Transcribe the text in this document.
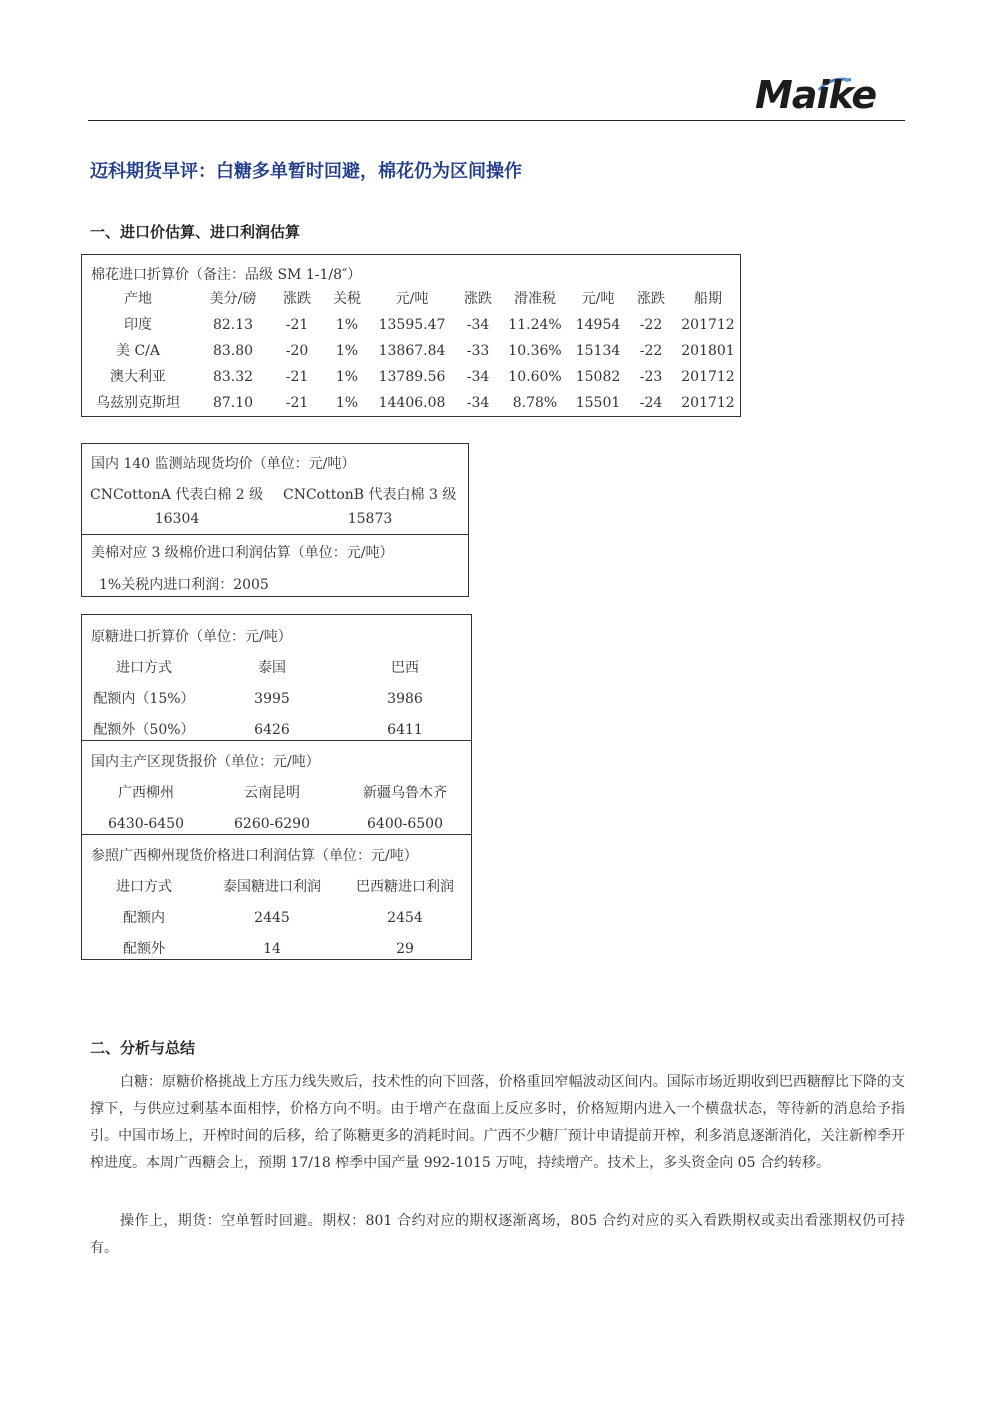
Maike
迈科期货早评：白糖多单暂时回避，棉花仍为区间操作
一、进口价估算、进口利润估算
棉花进口折算价（备注：品级 SM 1-1/8″）
产地	美分/磅 涨跌 关税 元/吨	涨跌 滑准税 元/吨 涨跌 船期
印度	82.13 -21 1% 13595.47 -34 11.24% 14954 -22 201712
美 C/A	83.80 -20 1% 13867.84 -33 10.36% 15134 -22 201801
澳大利亚	83.32 -21 1% 13789.56 -34 10.60% 15082 -23 201712
乌兹别克斯坦 87.10 -21 1% 14406.08 -34 8.78% 15501 -24 201712
国内 140 监测站现货均价（单位：元/吨）
CNCottonA 代表白棉 2 级 CNCottonB 代表白棉 3 级
16304	15873
美棉对应 3 级棉价进口利润估算（单位：元/吨）
1%关税内进口利润：2005
原糖进口折算价（单位：元/吨）
进口方式	泰国	巴西
配额内（15%）	3995	3986
配额外（50%）	6426	6411
国内主产区现货报价（单位：元/吨）
广西柳州	云南昆明	新疆乌鲁木齐
6430-6450	6260-6290	6400-6500
参照广西柳州现货价格进口利润估算（单位：元/吨）
进口方式	泰国糖进口利润	巴西糖进口利润
配额内	2445	2454
配额外	14	29
二、分析与总结
白糖：原糖价格挑战上方压力线失败后，技术性的向下回落，价格重回窄幅波动区间内。国际市场近期收到巴西糖醇比下降的支撑下，与供应过剩基本面相悖，价格方向不明。由于增产在盘面上反应多时，价格短期内进入一个横盘状态，等待新的消息给予指引。中国市场上，开榨时间的后移，给了陈糖更多的消耗时间。广西不少糖厂预计申请提前开榨，利多消息逐渐消化，关注新榨季开榨进度。本周广西糖会上，预期 17/18 榨季中国产量 992-1015 万吨，持续增产。技术上，多头资金向 05 合约转移。
操作上，期货：空单暂时回避。期权：801 合约对应的期权逐渐离场，805 合约对应的买入看跌期权或卖出看涨期权仍可持有。
